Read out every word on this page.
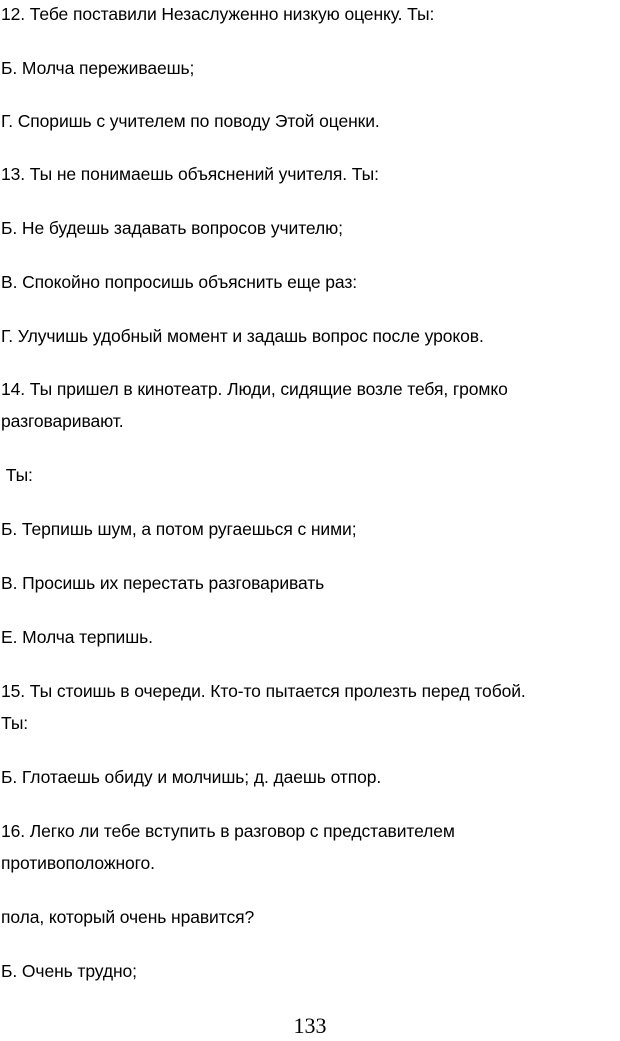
12. Тебе поставили Незаслуженно низкую оценку. Ты:
Б. Молча переживаешь;
Г. Споришь с учителем по поводу Этой оценки.
13. Ты не понимаешь объяснений учителя. Ты:
Б. Не будешь задавать вопросов учителю;
В. Спокойно попросишь объяснить еще раз:
Г. Улучишь удобный момент и задашь вопрос после уроков.
14. Ты пришел в кинотеатр. Люди, сидящие возле тебя, громко
разговаривают.
Ты:
Б. Терпишь шум, а потом ругаешься с ними;
В. Просишь их перестать разговаривать
Е. Молча терпишь.
15. Ты стоишь в очереди. Кто-то пытается пролезть перед тобой.
Ты:
Б. Глотаешь обиду и молчишь; д. даешь отпор.
16. Легко ли тебе вступить в разговор с представителем
противоположного.
пола, который очень нравится?
Б. Очень трудно;
133
